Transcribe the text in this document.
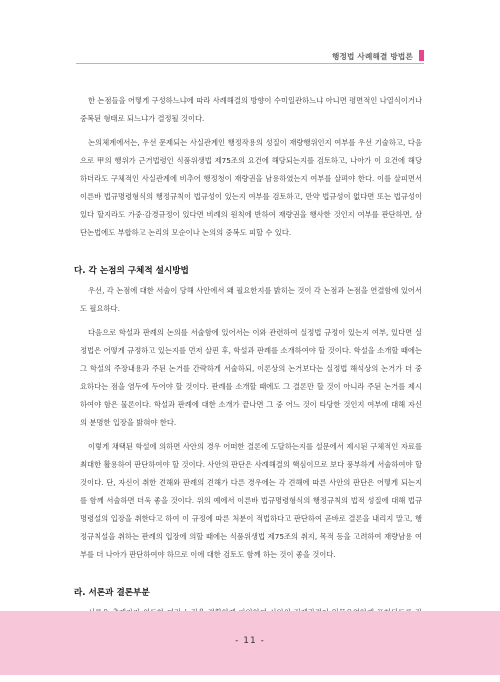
행정법 사례해결 방법론

한 논점들을 어떻게 구성하느냐에 따라 사례해결의 방향이 수미일관하느냐 아니면 평면적인 나열식이거나 중복된 형태로 되느냐가 결정될 것이다.

논의체계에서는, 우선 문제되는 사실관계인 행정작용의 성질이 재량행위인지 여부를 우선 기술하고, 다음으로 甲의 행위가 근거법령인 식품위생법 제75조의 요건에 해당되는지를 검토하고, 나아가 이 요건에 해당하더라도 구체적인 사실관계에 비추어 행정청이 재량권을 남용하였는지 여부를 살펴야 한다. 이를 살피면서 이른바 법규명령형식의 행정규칙이 법규성이 있는지 여부를 검토하고, 만약 법규성이 없다면 또는 법규성이 있다 할지라도 가중·감경규정이 있다면 비례의 원칙에 반하여 재량권을 행사한 것인지 여부를 판단하면, 삼단논법에도 부합하고 논리의 모순이나 논의의 중복도 피할 수 있다.

다. 각 논점의 구체적 설시방법

우선, 각 논점에 대한 서술이 당해 사안에서 왜 필요한지를 밝히는 것이 각 논점과 논점을 연결함에 있어서도 필요하다.

다음으로 학설과 판례의 논의를 서술함에 있어서는 이와 관련하여 실정법 규정이 있는지 여부, 있다면 실정법은 어떻게 규정하고 있는지를 먼저 살핀 후, 학설과 판례를 소개하여야 할 것이다. 학설을 소개할 때에는 그 학설의 주장내용과 주된 논거를 간략하게 서술하되, 이론상의 논거보다는 실정법 해석상의 논거가 더 중요하다는 점을 염두에 두어야 할 것이다. 판례를 소개할 때에도 그 결론만 할 것이 아니라 주된 논거를 제시하여야 함은 물론이다. 학설과 판례에 대한 소개가 끝나면 그 중 어느 것이 타당한 것인지 여부에 대해 자신의 분명한 입장을 밝혀야 한다.

이렇게 채택된 학설에 의하면 사안의 경우 어떠한 결론에 도달하는지를 설문에서 제시된 구체적인 자료를 최대한 활용하여 판단하여야 할 것이다. 사안의 판단은 사례해결의 핵심이므로 보다 풍부하게 서술하여야 할 것이다. 단, 자신이 취한 견해와 판례의 견해가 다른 경우에는 각 견해에 따른 사안의 판단은 어떻게 되는지를 함께 서술하면 더욱 좋을 것이다. 위의 예에서 이른바 법규명령형식의 행정규칙의 법적 성질에 대해 법규명령설의 입장을 취한다고 하여 이 규정에 따른 처분이 적법하다고 판단하여 곧바로 결론을 내리지 말고, 행정규칙설을 취하는 판례의 입장에 의할 때에는 식품위생법 제75조의 취지, 목적 등을 고려하여 재량남용 여부를 더 나아가 판단하여야 하므로 이에 대한 검토도 함께 하는 것이 좋을 것이다.

라. 서론과 결론부분

- 11 -
